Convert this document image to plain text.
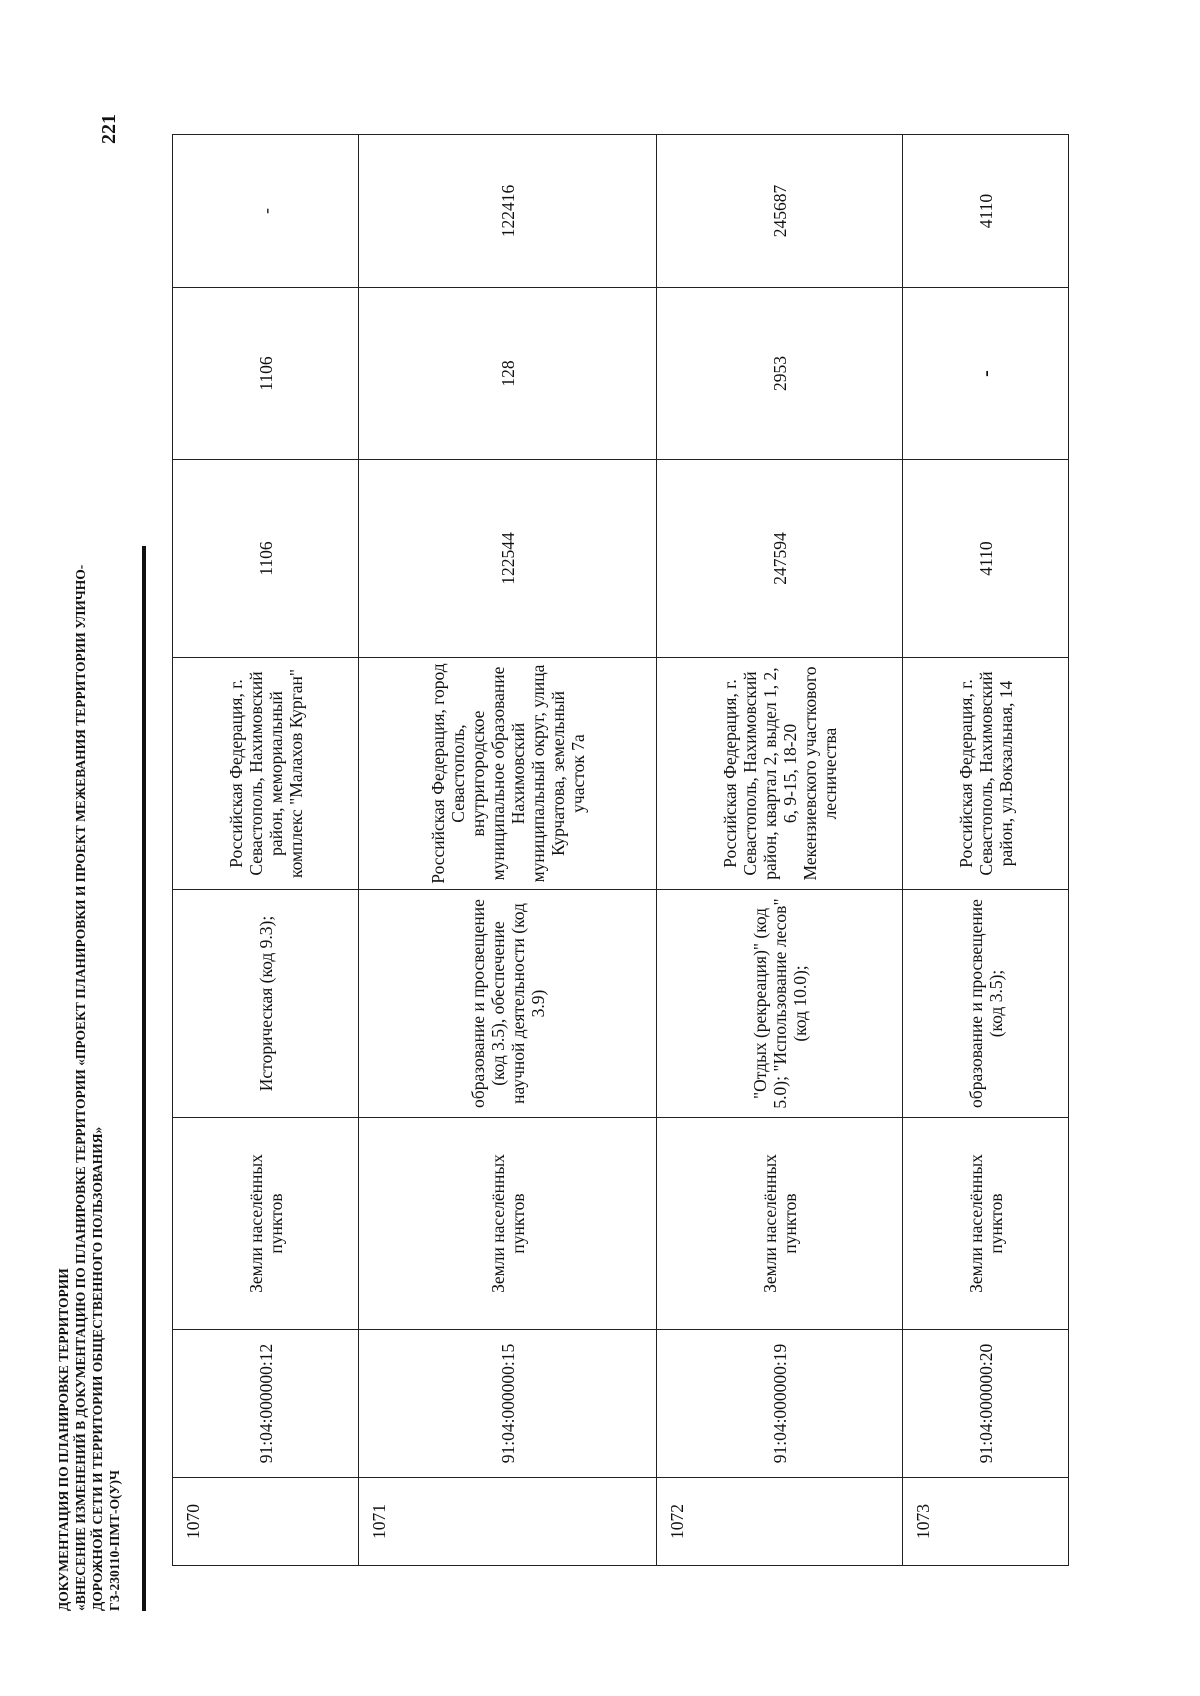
221
ДОКУМЕНТАЦИЯ ПО ПЛАНИРОВКЕ ТЕРРИТОРИИ «ВНЕСЕНИЕ ИЗМЕНЕНИЙ В ДОКУМЕНТАЦИЮ ПО ПЛАНИРОВКЕ ТЕРРИТОРИИ «ПРОЕКТ ПЛАНИРОВКИ И ПРОЕКТ МЕЖЕВАНИЯ ТЕРРИТОРИИ УЛИЧНО- ДОРОЖНОЙ СЕТИ И ТЕРРИТОРИИ ОБЩЕСТВЕННОГО ПОЛЬЗОВАНИЯ» ГЗ-230110-ПМТ-О(У)Ч	1070	91:04:000000:12	Земли населённых пунктов	Историческая (код 9.3);	Российская Федерация, г. Севастополь, Нахимовский район, мемориальный комплекс "Малахов Курган"	1106	1106	-
1071	91:04:000000:15	Земли населённых пунктов	образование и просвещение (код 3.5), обеспечение научной деятельности (код 3.9)	Российская Федерация, город Севастополь, внутригородское муниципальное образование Нахимовский муниципальный округ, улица Курчатова, земельный участок 7а	122544	128	122416
1072	91:04:000000:19	Земли населённых пунктов	"Отдых (рекреация)" (код 5.0); "Использование лесов" (код 10.0);	Российская Федерация, г. Севастополь, Нахимовский район, квартал 2, выдел 1, 2, 6, 9-15, 18-20 Мекензиевского участкового лесничества	247594	2953	245687
1073	91:04:000000:20	Земли населённых пунктов	образование и просвещение (код 3.5);	Российская Федерация, г. Севастополь, Нахимовский район, ул.Вокзальная, 14	4110	-	4110
